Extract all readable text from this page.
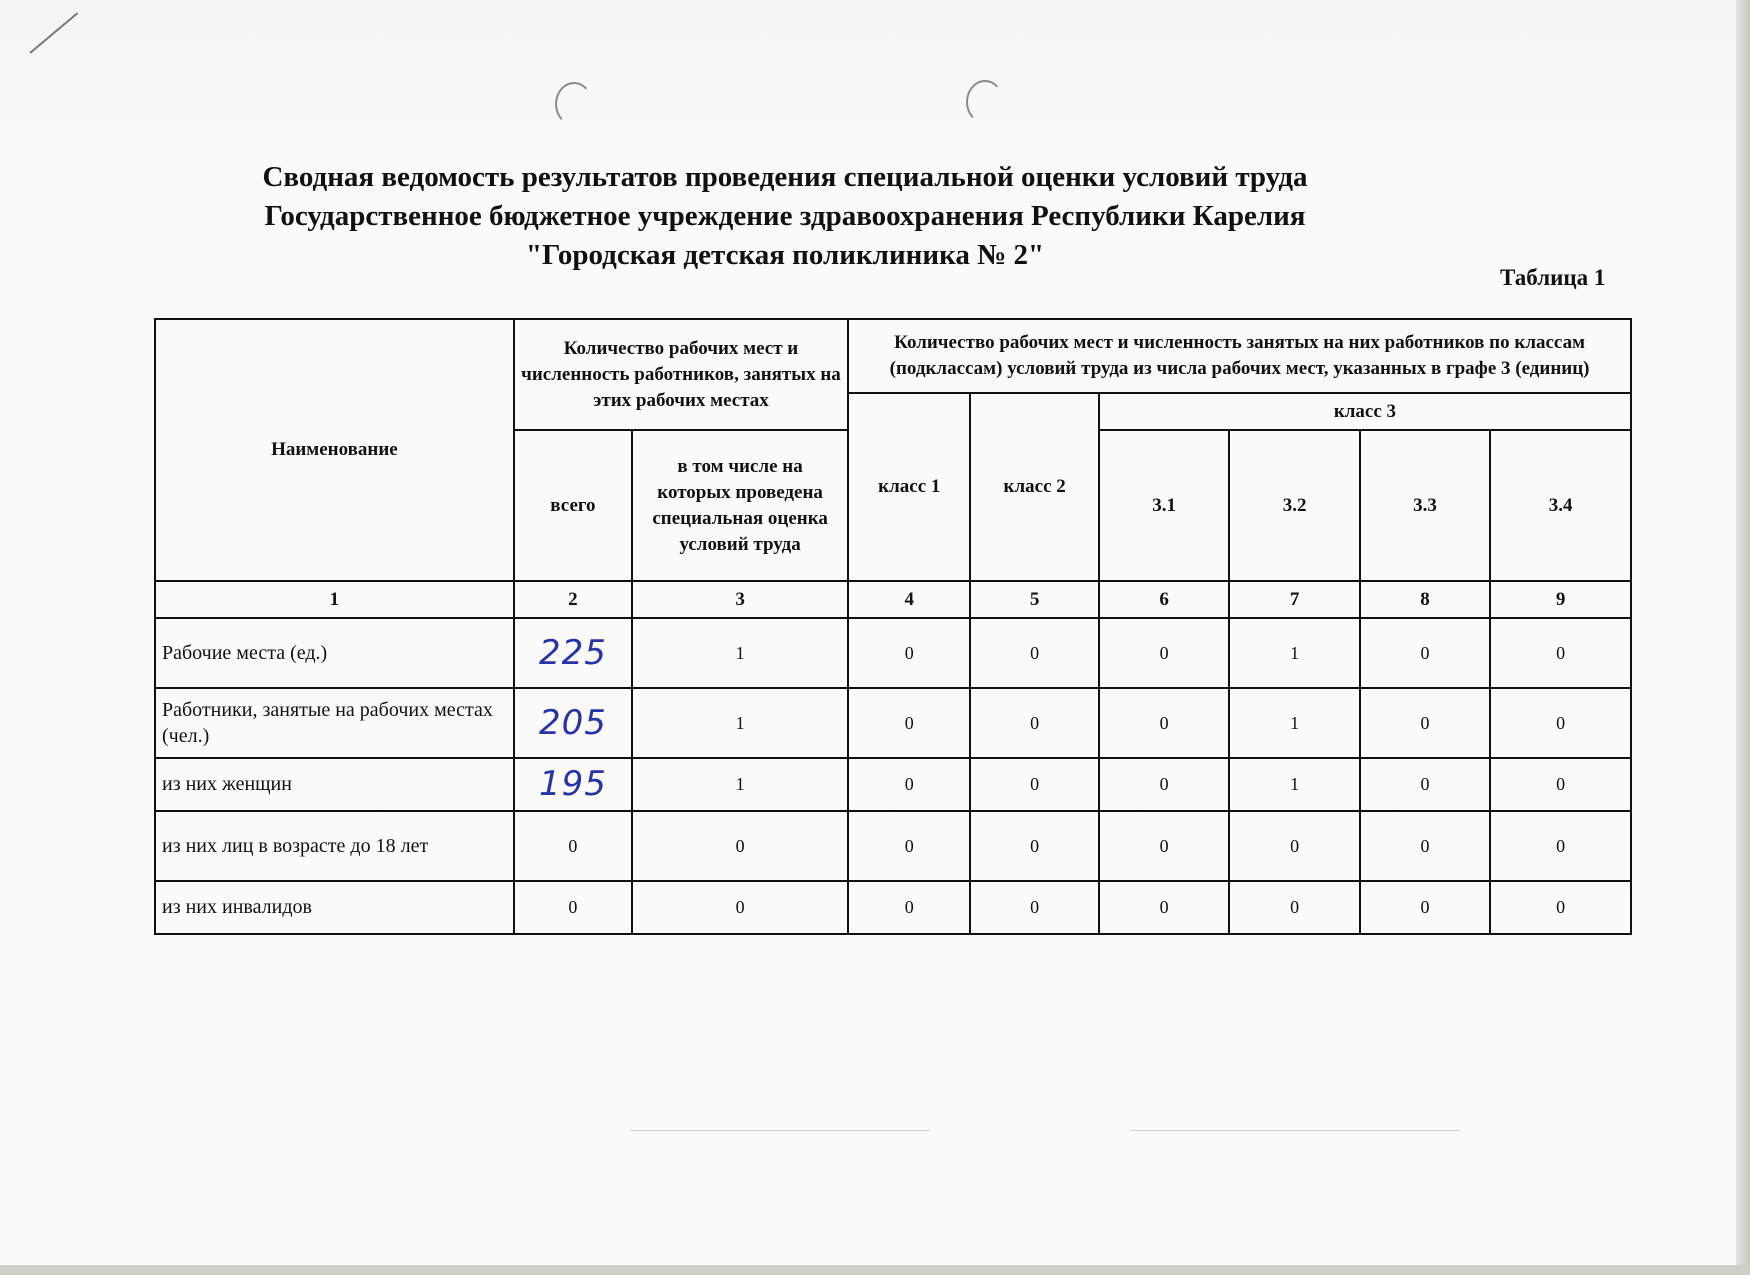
Сводная ведомость результатов проведения специальной оценки условий труда

Государственное бюджетное учреждение здравоохранения Республики Карелия

"Городская детская поликлиника № 2"

Таблица 1
Наименование	Количество рабочих мест и численность работников, занятых на этих рабочих местах		Количество рабочих мест и численность занятых на них работников по классам (подклассам) условий труда из числа рабочих мест, указанных в графе 3 (единиц)					
			класс 1	класс 2	класс 3			
	всего	в том числе на которых проведена специальная оценка условий труда			3.1	3.2	3.3	3.4

1	2	3	4	5	6	7	8	9
Рабочие места (ед.)	225	1	0	0	0	1	0	0
Работники, занятые на рабочих местах (чел.)	205	1	0	0	0	1	0	0
из них женщин	195	1	0	0	0	1	0	0
из них лиц в возрасте до 18 лет	0	0	0	0	0	0	0	0
из них инвалидов	0	0	0	0	0	0	0	0
